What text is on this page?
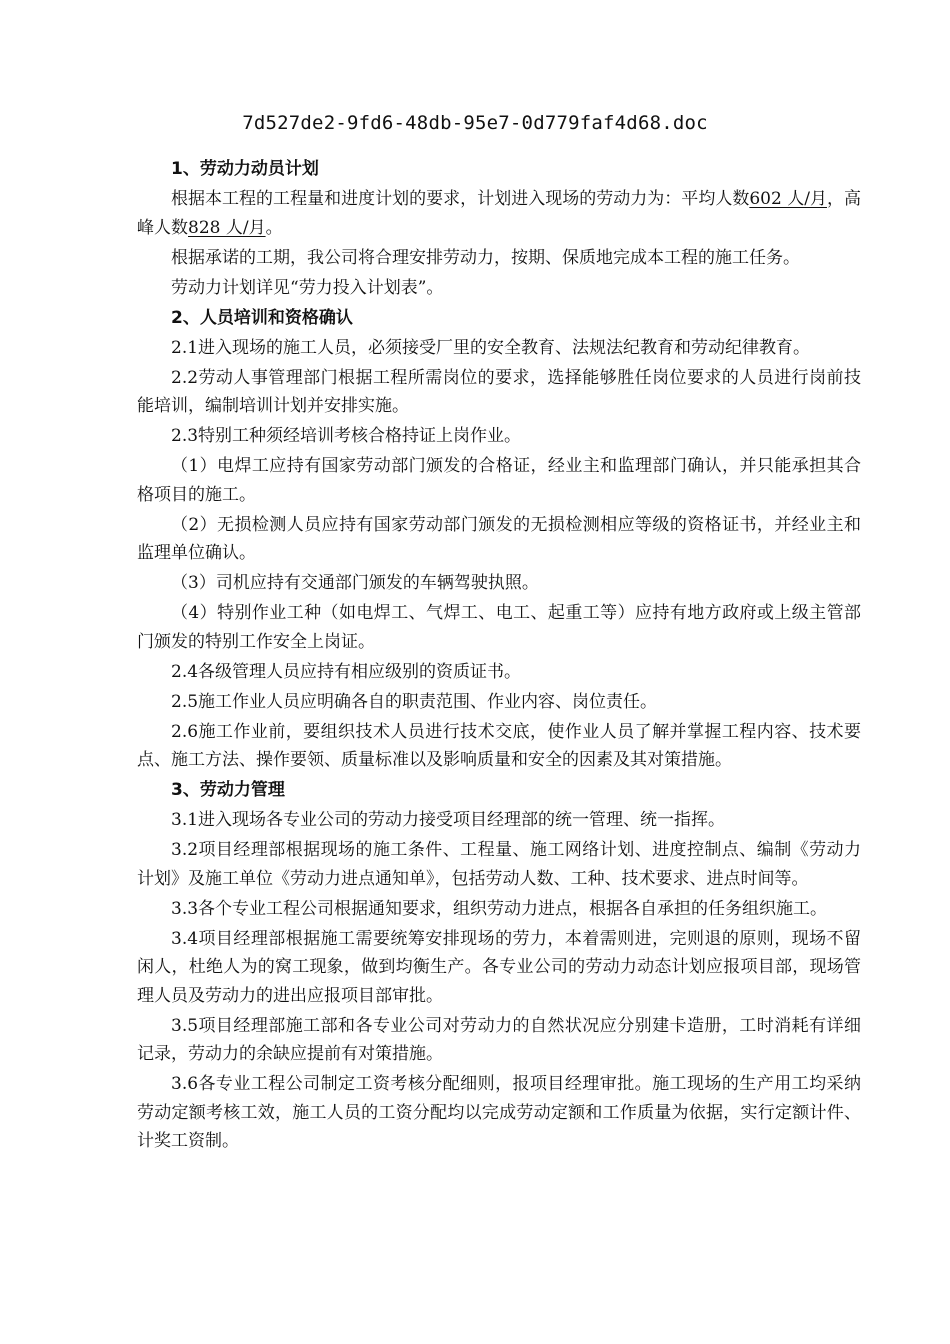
7d527de2-9fd6-48db-95e7-0d779faf4d68.doc

1、劳动力动员计划

根据本工程的工程量和进度计划的要求，计划进入现场的劳动力为：平均人数602 人/月，高峰人数828 人/月。

根据承诺的工期，我公司将合理安排劳动力，按期、保质地完成本工程的施工任务。

劳动力计划详见“劳力投入计划表”。

2、人员培训和资格确认

2.1进入现场的施工人员，必须接受厂里的安全教育、法规法纪教育和劳动纪律教育。

2.2劳动人事管理部门根据工程所需岗位的要求，选择能够胜任岗位要求的人员进行岗前技能培训，编制培训计划并安排实施。

2.3特别工种须经培训考核合格持证上岗作业。

（1）电焊工应持有国家劳动部门颁发的合格证，经业主和监理部门确认，并只能承担其合格项目的施工。

（2）无损检测人员应持有国家劳动部门颁发的无损检测相应等级的资格证书，并经业主和监理单位确认。

（3）司机应持有交通部门颁发的车辆驾驶执照。

（4）特别作业工种（如电焊工、气焊工、电工、起重工等）应持有地方政府或上级主管部门颁发的特别工作安全上岗证。

2.4各级管理人员应持有相应级别的资质证书。

2.5施工作业人员应明确各自的职责范围、作业内容、岗位责任。

2.6施工作业前，要组织技术人员进行技术交底，使作业人员了解并掌握工程内容、技术要点、施工方法、操作要领、质量标准以及影响质量和安全的因素及其对策措施。

3、劳动力管理

3.1进入现场各专业公司的劳动力接受项目经理部的统一管理、统一指挥。

3.2项目经理部根据现场的施工条件、工程量、施工网络计划、进度控制点、编制《劳动力计划》及施工单位《劳动力进点通知单》，包括劳动人数、工种、技术要求、进点时间等。

3.3各个专业工程公司根据通知要求，组织劳动力进点，根据各自承担的任务组织施工。

3.4项目经理部根据施工需要统筹安排现场的劳力，本着需则进，完则退的原则，现场不留闲人，杜绝人为的窝工现象，做到均衡生产。各专业公司的劳动力动态计划应报项目部，现场管理人员及劳动力的进出应报项目部审批。

3.5项目经理部施工部和各专业公司对劳动力的自然状况应分别建卡造册，工时消耗有详细记录，劳动力的余缺应提前有对策措施。

3.6各专业工程公司制定工资考核分配细则，报项目经理审批。施工现场的生产用工均采纳劳动定额考核工效，施工人员的工资分配均以完成劳动定额和工作质量为依据，实行定额计件、计奖工资制。
